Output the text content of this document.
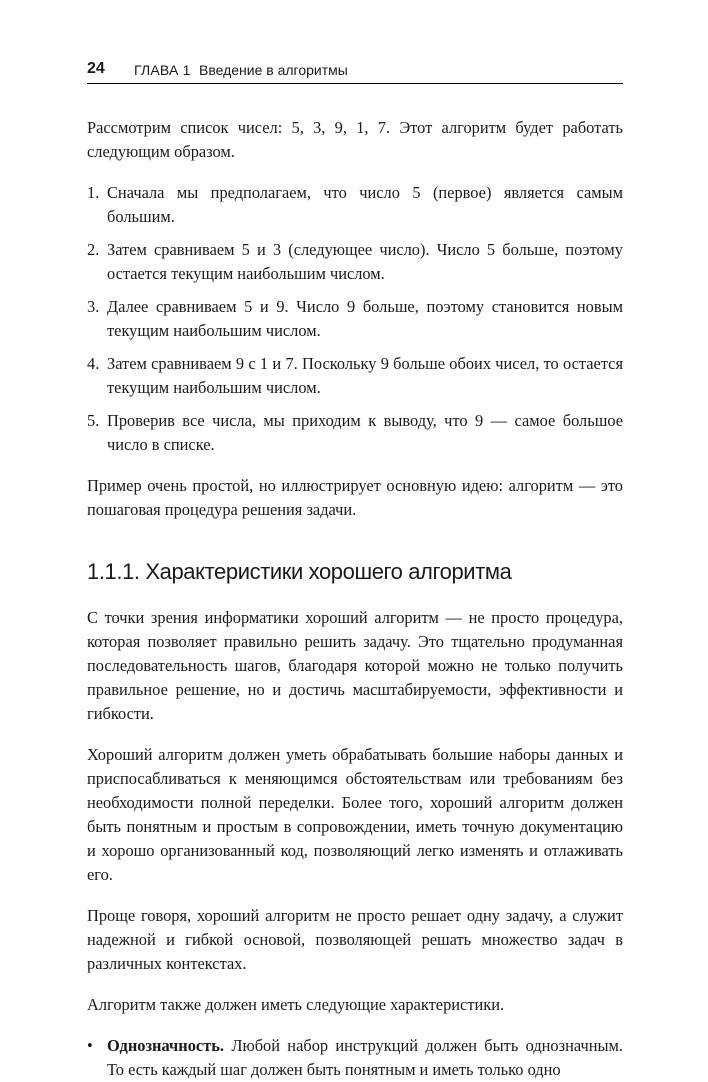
24 ГЛАВА 1 Введение в алгоритмы

Рассмотрим список чисел: 5, 3, 9, 1, 7. Этот алгоритм будет работать следующим образом.

1. Сначала мы предполагаем, что число 5 (первое) является самым большим.
2. Затем сравниваем 5 и 3 (следующее число). Число 5 больше, поэтому остается текущим наибольшим числом.
3. Далее сравниваем 5 и 9. Число 9 больше, поэтому становится новым текущим наибольшим числом.
4. Затем сравниваем 9 с 1 и 7. Поскольку 9 больше обоих чисел, то остается текущим наибольшим числом.
5. Проверив все числа, мы приходим к выводу, что 9 — самое большое число в списке.

Пример очень простой, но иллюстрирует основную идею: алгоритм — это пошаговая процедура решения задачи.

1.1.1. Характеристики хорошего алгоритма

С точки зрения информатики хороший алгоритм — не просто процедура, которая позволяет правильно решить задачу. Это тщательно продуманная последовательность шагов, благодаря которой можно не только получить правильное решение, но и достичь масштабируемости, эффективности и гибкости.

Хороший алгоритм должен уметь обрабатывать большие наборы данных и приспосабливаться к меняющимся обстоятельствам или требованиям без необходимости полной переделки. Более того, хороший алгоритм должен быть понятным и простым в сопровождении, иметь точную документацию и хорошо организованный код, позволяющий легко изменять и отлаживать его.

Проще говоря, хороший алгоритм не просто решает одну задачу, а служит надежной и гибкой основой, позволяющей решать множество задач в различных контекстах.

Алгоритм также должен иметь следующие характеристики.

• Однозначность. Любой набор инструкций должен быть однозначным. То есть каждый шаг должен быть понятным и иметь только одно
